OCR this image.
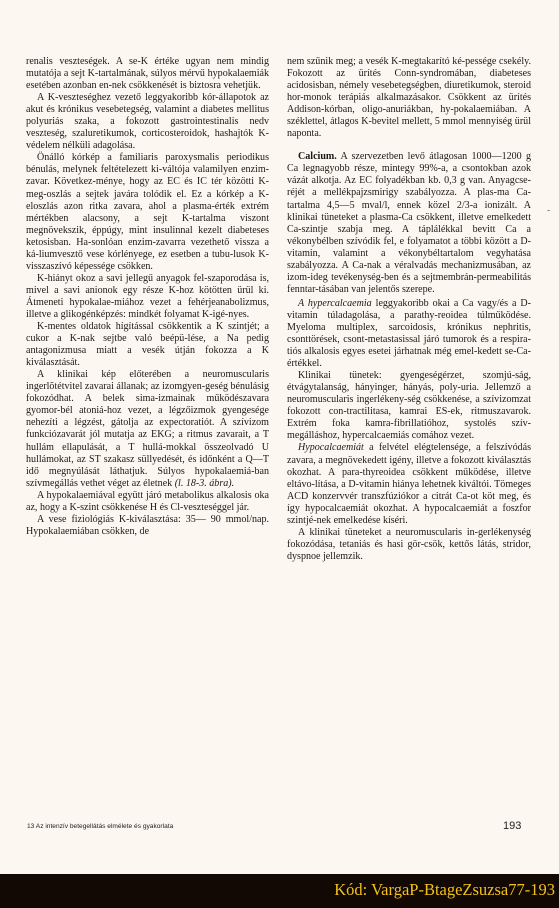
renalis veszteségek. A se-K értéke ugyan nem mindig mutatója a sejt K-tartalmának, súlyos mérvű hypokalaemiák esetében azonban en-nek csökkenését is biztosra vehetjük.

A K-veszteséghez vezető leggyakoribb kór-állapotok az akut és krónikus vesebetegség, valamint a diabetes mellitus polyuriás szaka, a fokozott gastrointestinalis nedv veszteség, szaluretikumok, corticosteroidok, hashajtók K-védelem nélküli adagolása.

Önálló kórkép a familiaris paroxysmalis periodikus bénulás, melynek feltételezett ki-váltója valamilyen enzim-zavar. Következ-ménye, hogy az EC és IC tér közötti K-meg-oszlás a sejtek javára tolódik el. Ez a kórkép a K-eloszlás azon ritka zavara, ahol a plasma-érték extrém mértékben alacsony, a sejt K-tartalma viszont megnövekszik, éppúgy, mint insulinnal kezelt diabeteses ketosisban. Ha-sonlóan enzim-zavarra vezethető vissza a ká-liumvesztő vese kórlényege, ez esetben a tubu-lusok K-visszaszívó képessége csökken.

K-hiányt okoz a savi jellegű anyagok fel-szaporodása is, mivel a savi anionok egy része K-hoz kötötten ürül ki. Átmeneti hypokalae-miához vezet a fehérjeanabolizmus, illetve a glikogénképzés: mindkét folyamat K-igé-nyes.

K-mentes oldatok hígítással csökkentik a K szintjét; a cukor a K-nak sejtbe való beépü-lése, a Na pedig antagonizmusa miatt a vesék útján fokozza a K kiválasztását.

A klinikai kép előterében a neuromuscularis ingerlõtétvitel zavarai állanak; az izomgyen-geség bénulásig fokozódhat. A belek sima-izmainak működészavara gyomor-bél atoniá-hoz vezet, a légzőizmok gyengesége nehezíti a légzést, gátolja az expectoratiót. A szívizom funkciózavarát jól mutatja az EKG; a ritmus zavarait, a T hullám ellapulását, a T hullá-mokkal összeolvadó U hullámokat, az ST szakasz süllyedését, és időnként a Q—T idő megnyúlását láthatjuk. Súlyos hypokalaemiá-ban szívmegállás vethet véget az életnek (l. 18-3. ábra).

A hypokalaemiával együtt járó metabolikus alkalosis oka az, hogy a K-szint csökkenése H és Cl-veszteséggel jár.

A vese fiziológiás K-kiválasztása: 35— 90 mmol/nap. Hypokalaemiában csökken, de

nem szűnik meg; a vesék K-megtakarító ké-pessége csekély. Fokozott az ürítés Conn-syndromában, diabeteses acidosisban, némely vesebetegségben, diuretikumok, steroid hor-monok terápiás alkalmazásakor. Csökkent az ürítés Addison-kórban, oligo-anuriákban, hy-pokalaemiában. A széklettel, átlagos K-bevitel mellett, 5 mmol mennyiség ürül naponta.

Calcium. A szervezetben levő átlagosan 1000—1200 g Ca legnagyobb része, mintegy 99%-a, a csontokban azok vázát alkotja. Az EC folyadékban kb. 0,3 g van. Anyagcse-réjét a mellékpajzsmirigy szabályozza. A plas-ma Ca-tartalma 4,5—5 mval/l, ennek közel 2/3-a ionizált. A klinikai tüneteket a plasma-Ca csökkent, illetve emelkedett Ca-szintje szabja meg. A táplálékkal bevitt Ca a vékonybélben szívódik fel, e folyamatot a többi között a D-vitamin, valamint a vékonybéltartalom vegyhatása szabályozza. A Ca-nak a véralvadás mechanizmusában, az izom-ideg tevékenység-ben és a sejtmembrán-permeabilitás fenntar-tásában van jelentős szerepe.

A hypercalcaemia leggyakoribb okai a Ca vagy/és a D-vitamin túladagolása, a parathy-reoidea túlműködése. Myeloma multiplex, sarcoidosis, krónikus nephritis, csonttörések, csont-metastasissal járó tumorok és a respira-tiós alkalosis egyes esetei járhatnak még emel-kedett se-Ca-értékkel.

Klinikai tünetek: gyengeségérzet, szomjú-ság, étvágytalanság, hányinger, hányás, poly-uria. Jellemző a neuromuscularis ingerlékeny-ség csökkenése, a szívizomzat fokozott con-tractilitasa, kamrai ES-ek, ritmuszavarok. Extrém foka kamra-fibrillatióhoz, systolés szív-megálláshoz, hypercalcaemiás comához vezet.

Hypocalcaemiát a felvétel elégtelensége, a felszívódás zavara, a megnövekedett igény, illetve a fokozott kiválasztás okozhat. A para-thyreoidea csökkent működése, illetve eltávo-lítása, a D-vitamin hiánya lehetnek kiváltói. Tömeges ACD konzervvér transzfúziókor a citrát Ca-ot köt meg, és így hypocalcaemiát okozhat. A hypocalcaemiát a foszfor szintjé-nek emelkedése kíséri.

A klinikai tüneteket a neuromuscularis in-gerlékenység fokozódása, tetaniás és hasi gör-csök, kettős látás, stridor, dyspnoe jellemzik.

-
13 Az intenzív betegellátás elmélete és gyakorlata	193
Kód: VargaP-BtageZsuzsa77-193
